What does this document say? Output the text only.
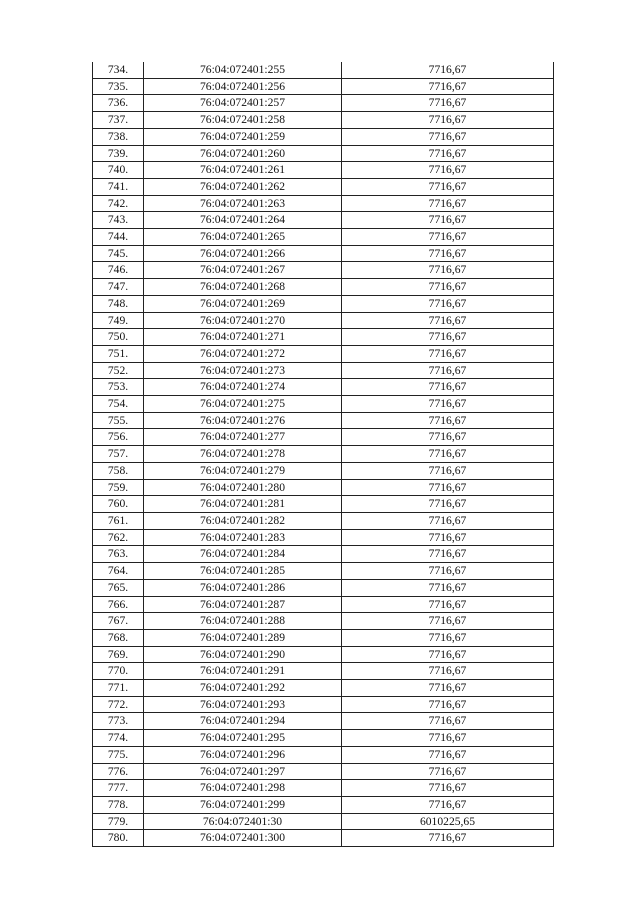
734.	76:04:072401:255	7716,67
735.	76:04:072401:256	7716,67
736.	76:04:072401:257	7716,67
737.	76:04:072401:258	7716,67
738.	76:04:072401:259	7716,67
739.	76:04:072401:260	7716,67
740.	76:04:072401:261	7716,67
741.	76:04:072401:262	7716,67
742.	76:04:072401:263	7716,67
743.	76:04:072401:264	7716,67
744.	76:04:072401:265	7716,67
745.	76:04:072401:266	7716,67
746.	76:04:072401:267	7716,67
747.	76:04:072401:268	7716,67
748.	76:04:072401:269	7716,67
749.	76:04:072401:270	7716,67
750.	76:04:072401:271	7716,67
751.	76:04:072401:272	7716,67
752.	76:04:072401:273	7716,67
753.	76:04:072401:274	7716,67
754.	76:04:072401:275	7716,67
755.	76:04:072401:276	7716,67
756.	76:04:072401:277	7716,67
757.	76:04:072401:278	7716,67
758.	76:04:072401:279	7716,67
759.	76:04:072401:280	7716,67
760.	76:04:072401:281	7716,67
761.	76:04:072401:282	7716,67
762.	76:04:072401:283	7716,67
763.	76:04:072401:284	7716,67
764.	76:04:072401:285	7716,67
765.	76:04:072401:286	7716,67
766.	76:04:072401:287	7716,67
767.	76:04:072401:288	7716,67
768.	76:04:072401:289	7716,67
769.	76:04:072401:290	7716,67
770.	76:04:072401:291	7716,67
771.	76:04:072401:292	7716,67
772.	76:04:072401:293	7716,67
773.	76:04:072401:294	7716,67
774.	76:04:072401:295	7716,67
775.	76:04:072401:296	7716,67
776.	76:04:072401:297	7716,67
777.	76:04:072401:298	7716,67
778.	76:04:072401:299	7716,67
779.	76:04:072401:30	6010225,65
780.	76:04:072401:300	7716,67
